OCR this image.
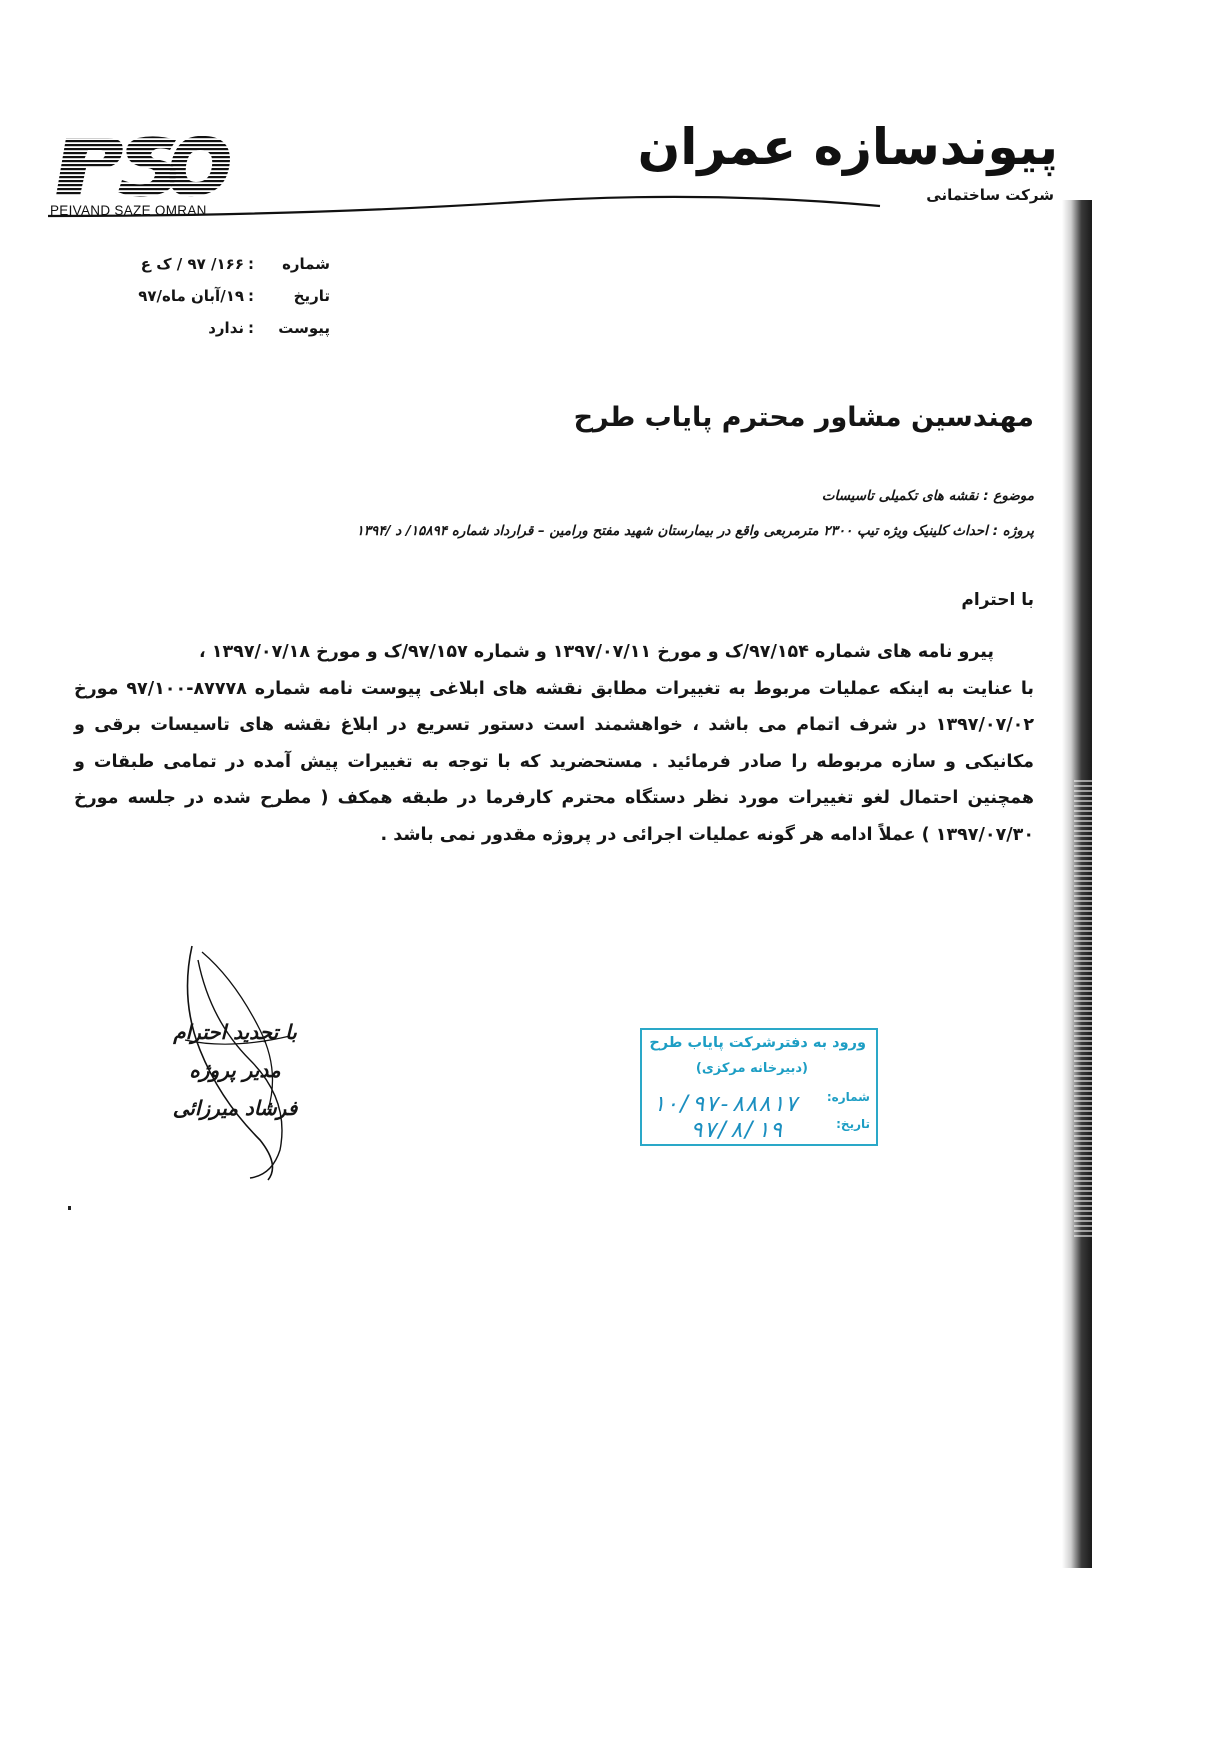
PEIVAND SAZE OMRAN
پیوندسازه عمران
شرکت ساختمانی
شماره
:
۱۶۶/ ۹۷ / ک ع
تاریخ
:
۱۹/آبان ماه/۹۷
پیوست
:
ندارد
مهندسین مشاور محترم پایاب طرح
موضوع : نقشه های تکمیلی تاسیسات
پروژه : احداث کلینیک ویژه تیپ ۲۳۰۰ مترمربعی واقع در بیمارستان شهید مفتح ورامین – قرارداد شماره ۱۵۸۹۴/ د /۱۳۹۴
با احترام

پیرو نامه های شماره ۹۷/۱۵۴/ک و مورخ ۱۳۹۷/۰۷/۱۱ و شماره ۹۷/۱۵۷/ک و مورخ ۱۳۹۷/۰۷/۱۸ ،

با عنایت به اینکه عملیات مربوط به تغییرات مطابق نقشه های ابلاغی پیوست نامه شماره ۸۷۷۷۸-۹۷/۱۰۰ مورخ ۱۳۹۷/۰۷/۰۲ در شرف اتمام می باشد ، خواهشمند است دستور تسریع در ابلاغ نقشه های تاسیسات برقی و مکانیکی و سازه مربوطه را صادر فرمائید . مستحضرید که با توجه به تغییرات پیش آمده در تمامی طبقات و همچنین احتمال لغو تغییرات مورد نظر دستگاه محترم کارفرما در طبقه همکف ( مطرح شده در جلسه مورخ ۱۳۹۷/۰۷/۳۰ ) عملاً ادامه هر گونه عملیات اجرائی در پروژه مقدور نمی باشد .

با تجدید احترام
مدیر پروژه
فرشاد میرزائی
ورود به دفترشرکت پایاب طرح
(دبیرخانه مرکزی)
شماره:
تاریخ:
۱۰/۹۷-۸۸۸۱۷
۹۷/۸/۱۹
